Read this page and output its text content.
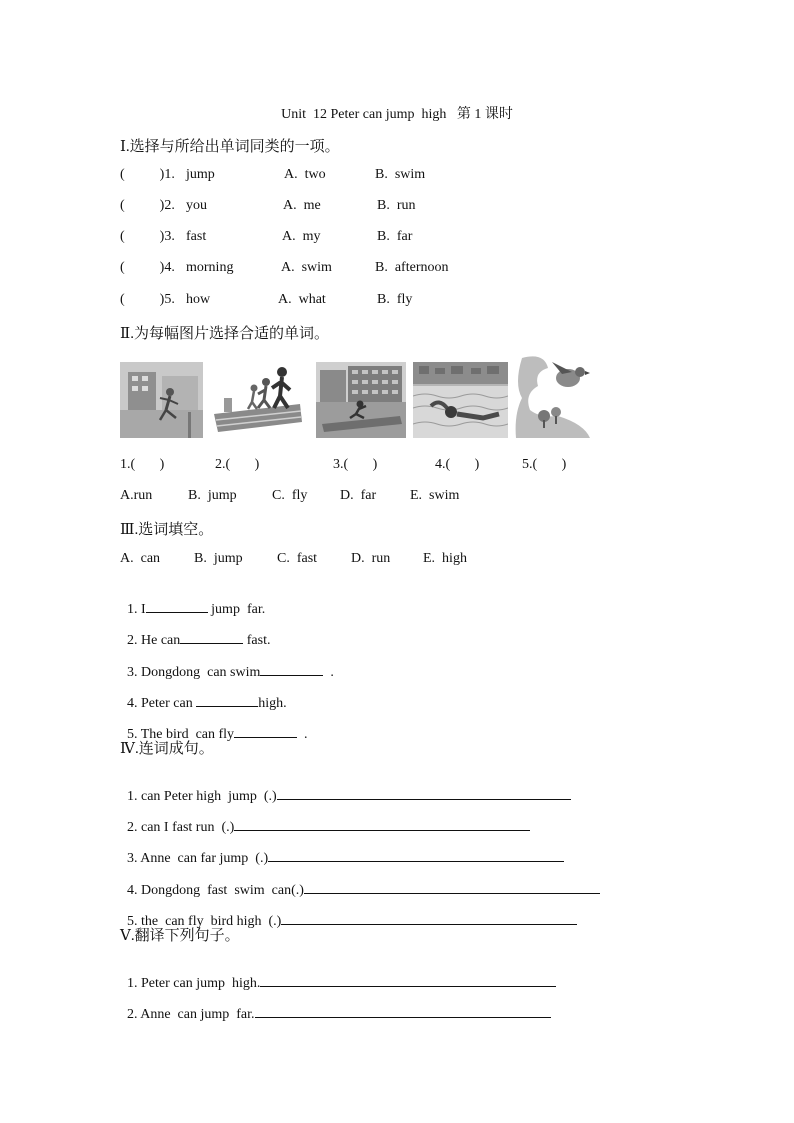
Unit  12 Peter can jump  high   第 1 课时
Ⅰ.选择与所给出单词同类的一项。
(          )1. jump	A.  two	B.  swim
(          )2. you	A.  me	B.  run
(          )3. fast	A.  my	B.  far
(          )4. morning	A.  swim	B.  afternoon
(          )5. how	A.  what	B.  fly
Ⅱ.为每幅图片选择合适的单词。
1.(       )	2.(       )	3.(       )	4.(       )	5.(       )
A.run	B.  jump	C.  fly D.  far E.  swim
Ⅲ.选词填空。
A.  can B.  jump C.  fast D.  run E.  high

1. I	jump  far.

2. He can	fast.

3. Dongdong  can swim	.

4. Peter can	high.

5. The bird  can fly	.

Ⅳ.连词成句。

1. can Peter high  jump  (.)

2. can I fast run  (.)

3. Anne  can far jump  (.)

4. Dongdong  fast  swim  can(.)

5. the  can fly  bird high  (.)

Ⅴ.翻译下列句子。

1. Peter can jump  high.

2. Anne  can jump  far.
